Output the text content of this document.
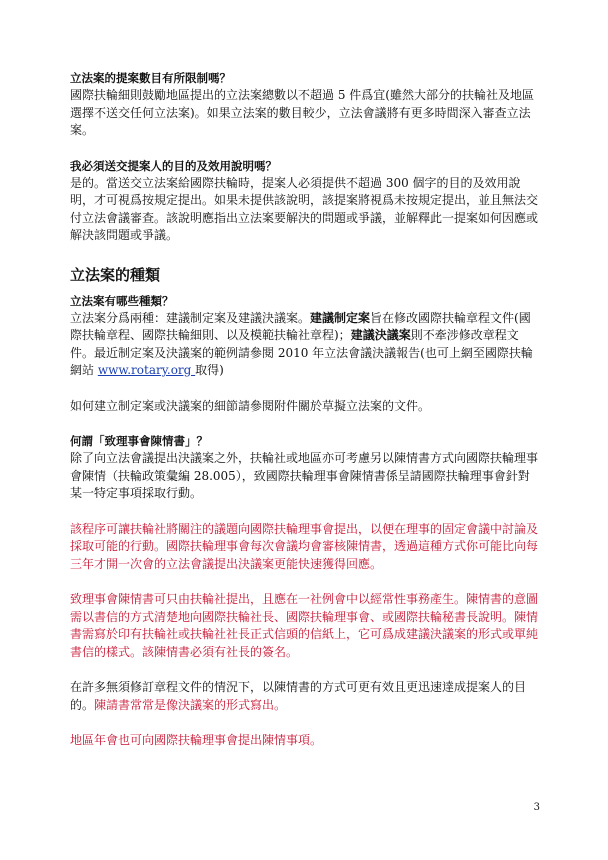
立法案的提案數目有所限制嗎？

國際扶輪細則鼓勵地區提出的立法案總數以不超過 5 件爲宜(雖然大部分的扶輪社及地區選擇不送交任何立法案)。如果立法案的數目較少，立法會議將有更多時間深入審查立法案。

我必須送交提案人的目的及效用說明嗎？

是的。當送交立法案給國際扶輪時，提案人必須提供不超過 300 個字的目的及效用說明，才可視爲按規定提出。如果未提供該說明，該提案將視爲未按規定提出，並且無法交付立法會議審查。該說明應指出立法案要解決的問題或爭議，並解釋此一提案如何因應或解決該問題或爭議。

立法案的種類

立法案有哪些種類？

立法案分爲兩種：建議制定案及建議決議案。建議制定案旨在修改國際扶輪章程文件(國際扶輪章程、國際扶輪細則、以及模範扶輪社章程)；建議決議案則不牽涉修改章程文件。最近制定案及決議案的範例請參閱 2010 年立法會議決議報告(也可上網至國際扶輪網站 www.rotary.org 取得)

如何建立制定案或決議案的細節請參閱附件關於草擬立法案的文件。

何謂「致理事會陳情書」？

除了向立法會議提出決議案之外，扶輪社或地區亦可考慮另以陳情書方式向國際扶輪理事會陳情（扶輪政策彙編 28.005），致國際扶輪理事會陳情書係呈請國際扶輪理事會針對某一特定事項採取行動。

該程序可讓扶輪社將關注的議題向國際扶輪理事會提出，以便在理事的固定會議中討論及採取可能的行動。國際扶輪理事會每次會議均會審核陳情書，透過這種方式你可能比向每三年才開一次會的立法會議提出決議案更能快速獲得回應。

致理事會陳情書可只由扶輪社提出，且應在一社例會中以經常性事務產生。陳情書的意圖需以書信的方式清楚地向國際扶輪社長、國際扶輪理事會、或國際扶輪秘書長說明。陳情書需寫於印有扶輪社或扶輪社社長正式信頭的信紙上，它可爲成建議決議案的形式或單純書信的樣式。該陳情書必須有社長的簽名。

在許多無須修訂章程文件的情況下，以陳情書的方式可更有效且更迅速達成提案人的目的。陳請書常常是像決議案的形式寫出。

地區年會也可向國際扶輪理事會提出陳情事項。

3
